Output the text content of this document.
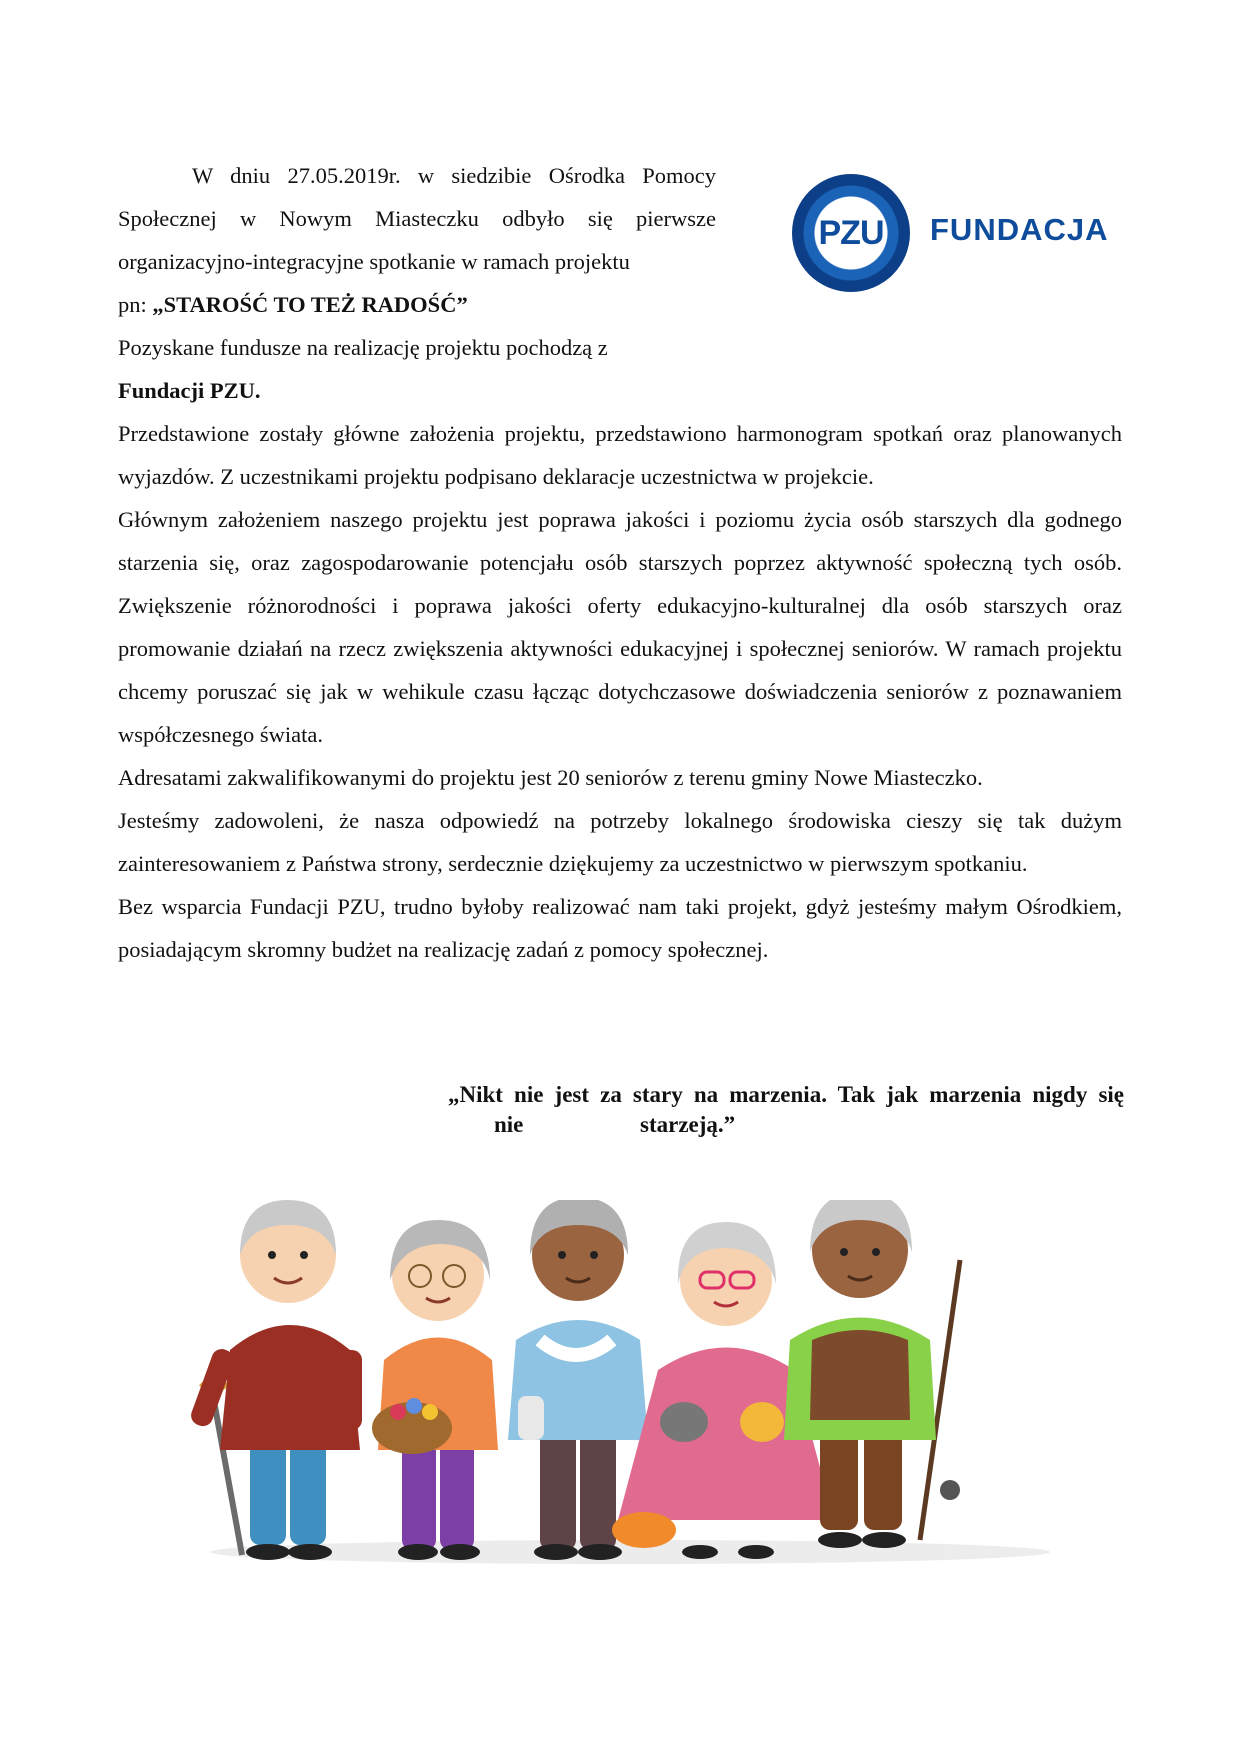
W dniu 27.05.2019r. w siedzibie Ośrodka Pomocy Społecznej w Nowym Miasteczku odbyło się pierwsze organizacyjno-integracyjne spotkanie w ramach projektu

pn: „STAROŚĆ TO TEŻ RADOŚĆ”

Pozyskane fundusze na realizację projektu pochodzą z

Fundacji PZU.

PZU	FUNDACJA

Przedstawione zostały główne założenia projektu, przedstawiono harmonogram spotkań oraz planowanych wyjazdów. Z uczestnikami projektu podpisano deklaracje uczestnictwa w projekcie.

Głównym założeniem naszego projektu jest poprawa jakości i poziomu życia osób starszych dla godnego starzenia się, oraz zagospodarowanie potencjału osób starszych poprzez aktywność społeczną tych osób. Zwiększenie różnorodności i poprawa jakości oferty edukacyjno-kulturalnej dla osób starszych oraz promowanie działań na rzecz zwiększenia aktywności edukacyjnej i społecznej seniorów. W ramach projektu chcemy poruszać się jak w wehikule czasu łącząc dotychczasowe doświadczenia seniorów z poznawaniem współczesnego świata.

Adresatami zakwalifikowanymi do projektu jest 20 seniorów z terenu gminy Nowe Miasteczko.

Jesteśmy zadowoleni, że nasza odpowiedź na potrzeby lokalnego środowiska cieszy się tak dużym zainteresowaniem z Państwa strony, serdecznie dziękujemy za uczestnictwo w pierwszym spotkaniu.

Bez wsparcia Fundacji PZU, trudno byłoby realizować nam taki projekt, gdyż jesteśmy małym Ośrodkiem, posiadającym skromny budżet na realizację zadań z pomocy społecznej.

„Nikt nie jest za stary na marzenia. Tak jak marzenia nigdy się
nie	starzeją.”
